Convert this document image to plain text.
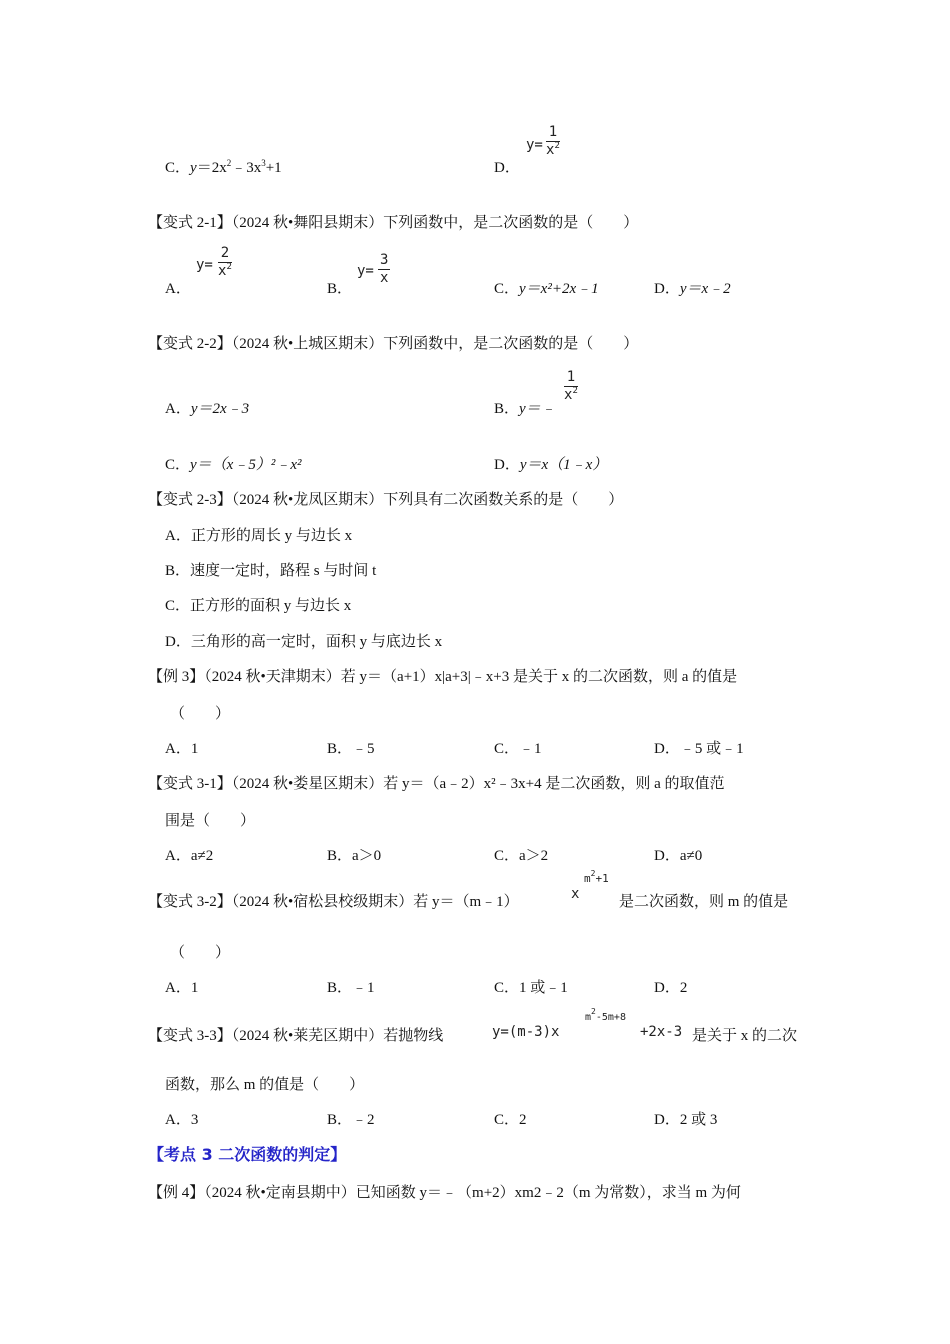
C．$y=2x^2﹣3x^3+1$	D．
$y= \frac{1}{x^2}$
【变式 2-1】（2024 秋•舞阳县期末）下列函数中，是二次函数的是（　　）
A．
$y= \frac{2}{x^2}$
B．
$y= \frac{3}{x}$
C．y＝x²+2x﹣1	D．y＝x﹣2
【变式 2-2】（2024 秋•上城区期末）下列函数中，是二次函数的是（　　）
A．y＝2x﹣3	B．y＝﹣
$\frac{1}{x^2}$
C．y＝（x﹣5）²﹣x²	D．y＝x（1﹣x）
【变式 2-3】（2024 秋•龙凤区期末）下列具有二次函数关系的是（　　）
A．正方形的周长 y 与边长 x
B．速度一定时，路程 s 与时间 t
C．正方形的面积 y 与边长 x
D．三角形的高一定时，面积 y 与底边长 x
【例 3】（2024 秋•天津期末）若 y＝（a+1）x|a+3|﹣x+3 是关于 x 的二次函数，则 a 的值是
（　　）
A．1	B．﹣5	C．﹣1	D．﹣5 或﹣1
【变式 3-1】（2024 秋•娄星区期末）若 y＝（a﹣2）x²﹣3x+4 是二次函数，则 a 的取值范
围是（　　）
A．a≠2	B．a＞0	C．a＞2	D．a≠0
【变式 3-2】（2024 秋•宿松县校级期末）若 y＝（m﹣1）	x
$m^2+1$
是二次函数，则 m 的值是
（　　）
A．1	B．﹣1	C．1 或﹣1	D．2
【变式 3-3】（2024 秋•莱芜区期中）若抛物线	y=(m-3)x
$m^2-5m+8$
+2x-3 是关于 x 的二次
函数，那么 m 的值是（　　）
A．3	B．﹣2	C．2	D．2 或 3
【考点 3 二次函数的判定】
【例 4】（2024 秋•定南县期中）已知函数 y＝﹣（m+2）xm2﹣2（m 为常数），求当 m 为何
